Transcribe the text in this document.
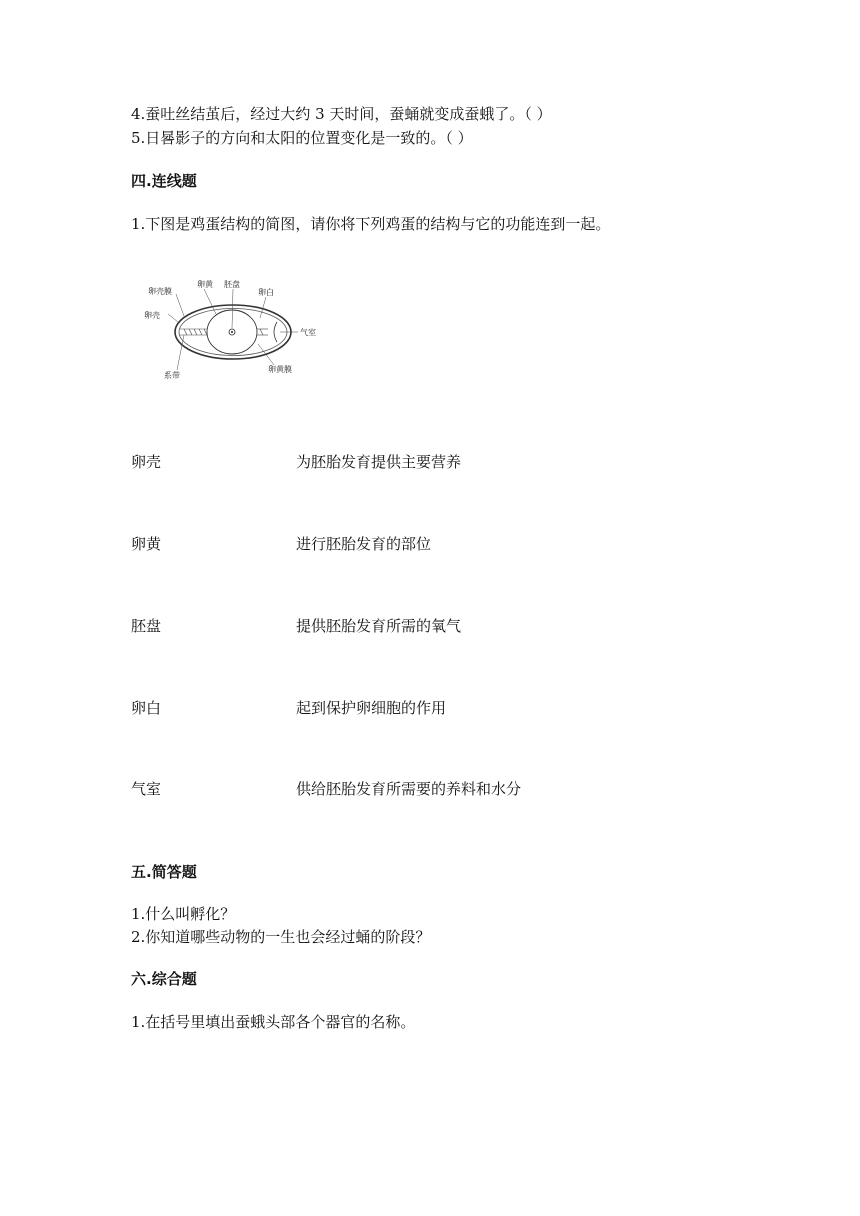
4.蚕吐丝结茧后，经过大约 3 天时间，蚕蛹就变成蚕蛾了。（ ）
5.日晷影子的方向和太阳的位置变化是一致的。（ ）
四.连线题
1.下图是鸡蛋结构的简图，请你将下列鸡蛋的结构与它的功能连到一起。
卵壳膜
卵壳
卵黄 胚盘
卵白
气室
系带
卵黄膜
卵壳	为胚胎发育提供主要营养
卵黄	进行胚胎发育的部位
胚盘	提供胚胎发育所需的氧气
卵白	起到保护卵细胞的作用
气室	供给胚胎发育所需要的养料和水分
五.简答题
1.什么叫孵化？
2.你知道哪些动物的一生也会经过蛹的阶段？
六.综合题
1.在括号里填出蚕蛾头部各个器官的名称。
